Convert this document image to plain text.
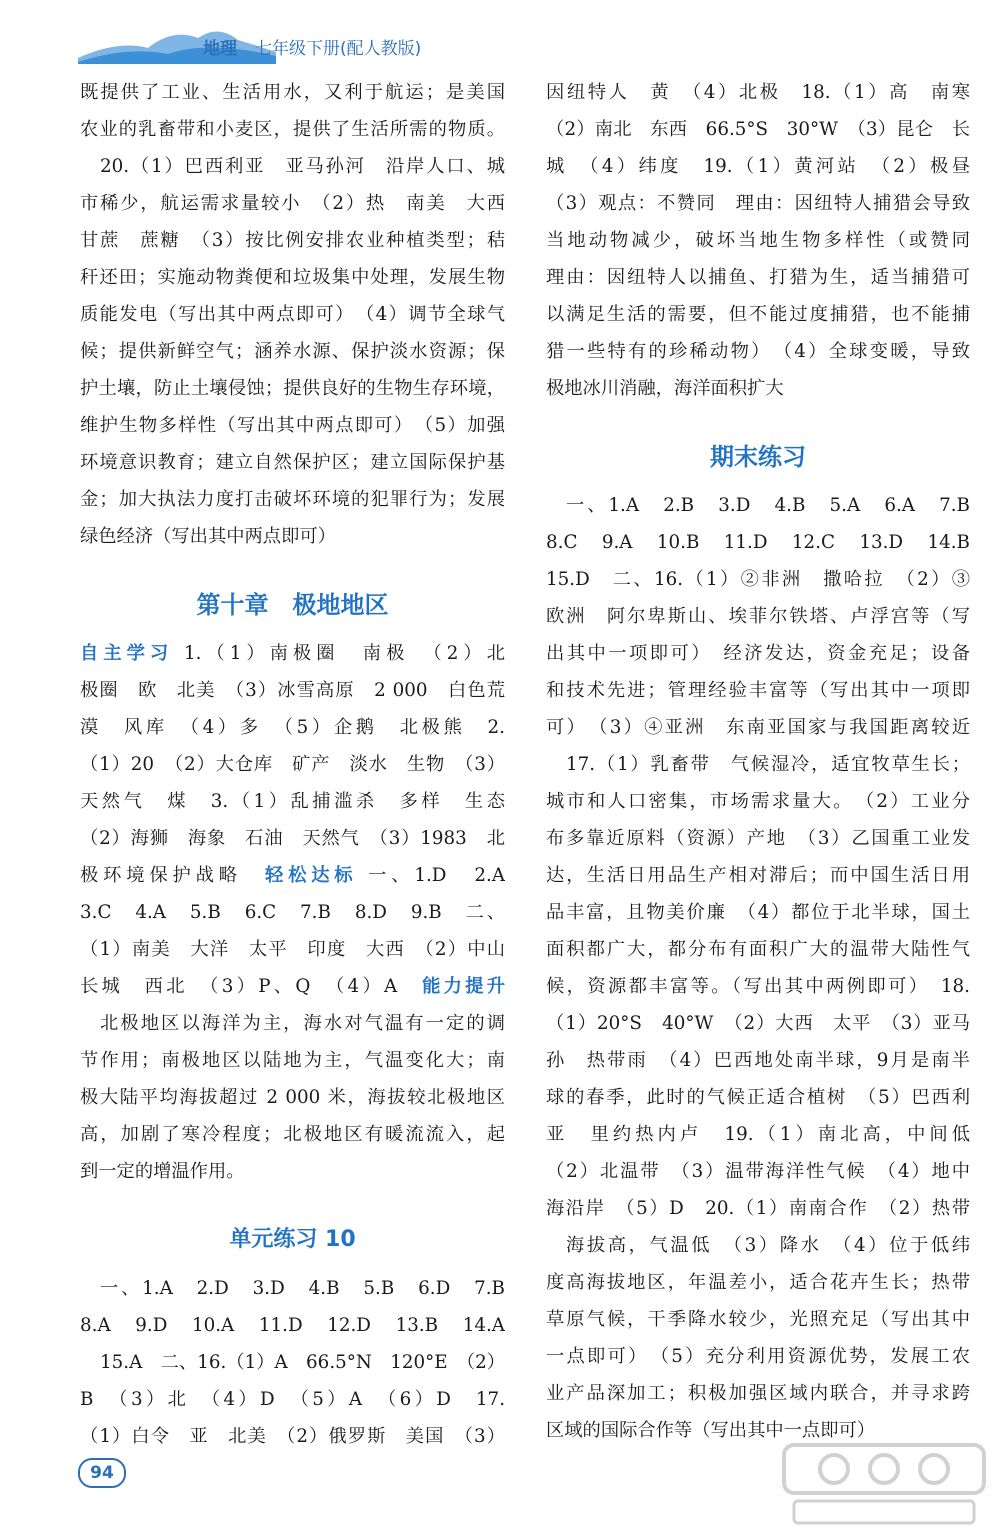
地理 七年级下册(配人教版)
既提供了工业、生活用水，又利于航运；是美国
农业的乳畜带和小麦区，提供了生活所需的物质。
20.（1）巴西利亚　亚马孙河　沿岸人口、城
市稀少，航运需求量较小　（2）热　南美　大西
甘蔗　蔗糖　（3）按比例安排农业种植类型；秸
秆还田；实施动物粪便和垃圾集中处理，发展生物
质能发电（写出其中两点即可）　（4）调节全球气
候；提供新鲜空气；涵养水源、保护淡水资源；保
护土壤，防止土壤侵蚀；提供良好的生物生存环境，
维护生物多样性（写出其中两点即可）　（5）加强
环境意识教育；建立自然保护区；建立国际保护基
金；加大执法力度打击破坏环境的犯罪行为；发展
绿色经济（写出其中两点即可）
第十章　极地地区
自主学习 1.（1）南极圈　南极　（2）北
极圈　欧　北美　（3）冰雪高原　2 000　白色荒
漠　风库　（4）多　（5）企鹅　北极熊　2.
（1）20　（2）大仓库　矿产　淡水　生物　（3）
天然气　煤　3.（1）乱捕滥杀　多样　生态
（2）海狮　海象　石油　天然气　（3）1983　北
极环境保护战略　 轻松达标 一、1.D　2.A
3.C　4.A　5.B　6.C　7.B　8.D　9.B　二、
（1）南美　大洋　太平　印度　大西　（2）中山
长城　西北　（3）P、Q　（4）A　 能力提升
北极地区以海洋为主，海水对气温有一定的调
节作用；南极地区以陆地为主，气温变化大；南
极大陆平均海拔超过 2 000 米，海拔较北极地区
高，加剧了寒冷程度；北极地区有暖流流入，起
到一定的增温作用。
单元练习 10
一、1.A　2.D　3.D　4.B　5.B　6.D　7.B
8.A　9.D　10.A　11.D　12.D　13.B　14.A
15.A　二、16.（1）A　66.5°N　120°E　（2）
B　（3）北　（4）D　（5）A　（6）D　17.
（1）白令　亚　北美　（2）俄罗斯　美国　（3）
因纽特人　黄　（4）北极　18.（1）高　南寒
（2）南北　东西　66.5°S　30°W　（3）昆仑　长
城　（4）纬度　19.（1）黄河站　（2）极昼
（3）观点：不赞同　理由：因纽特人捕猎会导致
当地动物减少，破坏当地生物多样性（或赞同
理由：因纽特人以捕鱼、打猎为生，适当捕猎可
以满足生活的需要，但不能过度捕猎，也不能捕
猎一些特有的珍稀动物）　（4）全球变暖，导致
极地冰川消融，海洋面积扩大
期末练习
一、1.A　2.B　3.D　4.B　5.A　6.A　7.B
8.C　9.A　10.B　11.D　12.C　13.D　14.B
15.D　二、16.（1）②非洲　撒哈拉　（2）③
欧洲　阿尔卑斯山、埃菲尔铁塔、卢浮宫等（写
出其中一项即可）　经济发达，资金充足；设备
和技术先进；管理经验丰富等（写出其中一项即
可）　（3）④亚洲　东南亚国家与我国距离较近
17.（1）乳畜带　气候湿冷，适宜牧草生长；
城市和人口密集，市场需求量大。　（2）工业分
布多靠近原料（资源）产地　（3）乙国重工业发
达，生活日用品生产相对滞后；而中国生活日用
品丰富，且物美价廉　（4）都位于北半球，国土
面积都广大，都分布有面积广大的温带大陆性气
候，资源都丰富等。（写出其中两例即可）　18.
（1）20°S　40°W　（2）大西　太平　（3）亚马
孙　热带雨　（4）巴西地处南半球，9月是南半
球的春季，此时的气候正适合植树　（5）巴西利
亚　里约热内卢　19.（1）南北高，中间低
（2）北温带　（3）温带海洋性气候　（4）地中
海沿岸　（5）D　20.（1）南南合作　（2）热带
海拔高，气温低　（3）降水　（4）位于低纬
度高海拔地区，年温差小，适合花卉生长；热带
草原气候，干季降水较少，光照充足（写出其中
一点即可）　（5）充分利用资源优势，发展工农
业产品深加工；积极加强区域内联合，并寻求跨
区域的国际合作等（写出其中一点即可）
94
